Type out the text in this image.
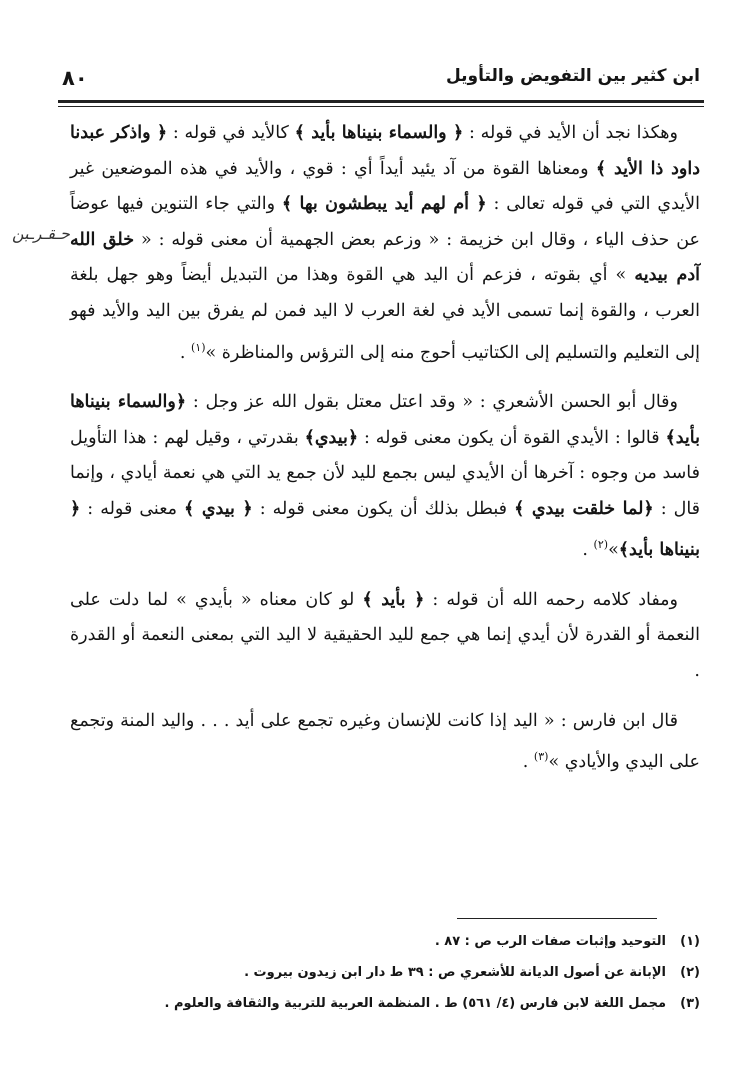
٨٠	ابن كثير بين التفويض والتأويل
حـقـرـبن

وهكذا نجد أن الأيد في قوله : ﴿ والسماء بنيناها بأيد ﴾ كالأيد في قوله : ﴿ واذكر عبدنا داود ذا الأيد ﴾ ومعناها القوة من آد يئيد أيداً أي : قوي ، والأيد في هذه الموضعين غير الأيدي التي في قوله تعالى : ﴿ أم لهم أيد يبطشون بها ﴾ والتي جاء التنوين فيها عوضاً عن حذف الياء ، وقال ابن خزيمة : « وزعم بعض الجهمية أن معنى قوله : « خلق الله آدم بيديه » أي بقوته ، فزعم أن اليد هي القوة وهذا من التبديل أيضاً وهو جهل بلغة العرب ، والقوة إنما تسمى الأيد في لغة العرب لا اليد فمن لم يفرق بين اليد والأيد فهو إلى التعليم والتسليم إلى الكتاتيب أحوج منه إلى الترؤس والمناظرة »$^{(١)}$ .

وقال أبو الحسن الأشعري : « وقد اعتل معتل بقول الله عز وجل : ﴿والسماء بنيناها بأيد﴾ قالوا : الأيدي القوة أن يكون معنى قوله : ﴿بيدي﴾ بقدرتي ، وقيل لهم : هذا التأويل فاسد من وجوه : آخرها أن الأيدي ليس بجمع لليد لأن جمع يد التي هي نعمة أيادي ، وإنما قال : ﴿لما خلقت بيدي ﴾ فبطل بذلك أن يكون معنى قوله : ﴿ بيدي ﴾ معنى قوله : ﴿ بنيناها بأيد﴾»$^{(٢)}$ .

ومفاد كلامه رحمه الله أن قوله : ﴿ بأيد ﴾ لو كان معناه « بأيدي » لما دلت على النعمة أو القدرة لأن أيدي إنما هي جمع لليد الحقيقية لا اليد التي بمعنى النعمة أو القدرة .

قال ابن فارس : « اليد إذا كانت للإنسان وغيره تجمع على أيد . . . واليد المنة وتجمع على اليدي والأيادي »$^{(٣)}$ .

(١)التوحيد وإثبات صفات الرب ص : ٨٧ .
(٢)الإبانة عن أصول الديانة للأشعري ص : ٣٩ ط دار ابن زيدون بيروت .
(٣)مجمل اللغة لابن فارس (٤/ ٥٦١) ط . المنظمة العربية للتربية والثقافة والعلوم .
